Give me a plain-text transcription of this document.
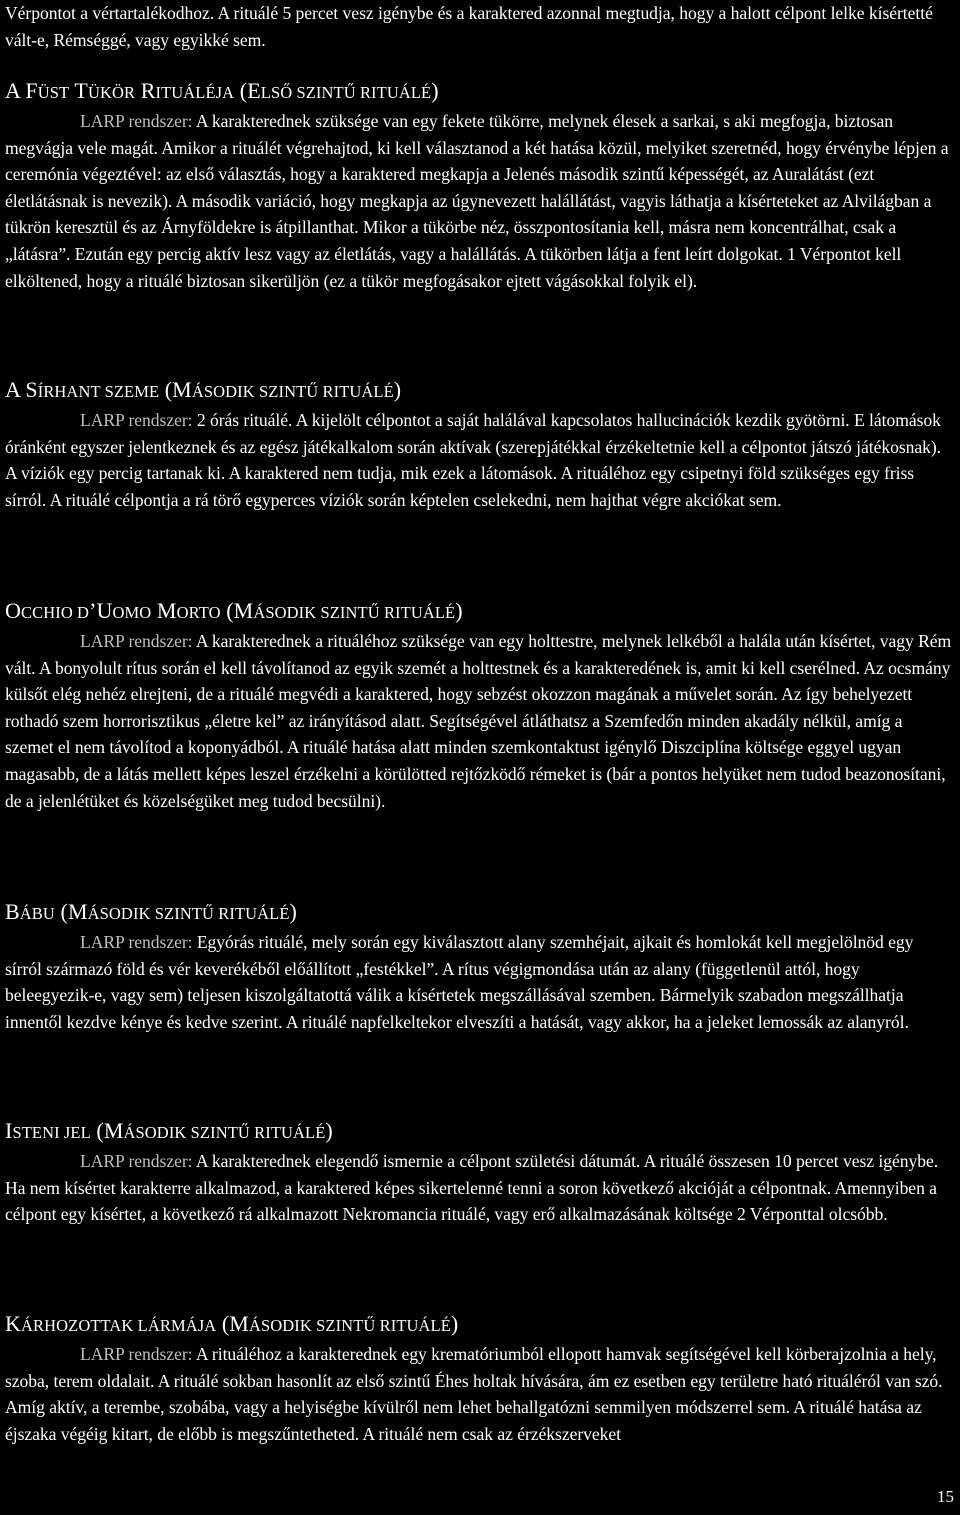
Vérpontot a vértartalékodhoz. A rituálé 5 percet vesz igénybe és a karaktered azonnal megtudja, hogy a halott célpont lelke kísértetté vált-e, Rémséggé, vagy egyikké sem.

A FÜST TÜKÖR RITUÁLÉJA (ELSŐ SZINTŰ RITUÁLÉ)

LARP rendszer: A karakterednek szüksége van egy fekete tükörre, melynek élesek a sarkai, s aki megfogja, biztosan megvágja vele magát. Amikor a rituálét végrehajtod, ki kell választanod a két hatása közül, melyiket szeretnéd, hogy érvénybe lépjen a ceremónia végeztével: az első választás, hogy a karaktered megkapja a Jelenés második szintű képességét, az Auralátást (ezt életlátásnak is nevezik). A második variáció, hogy megkapja az úgynevezett halállátást, vagyis láthatja a kísérteteket az Alvilágban a tükrön keresztül és az Árnyföldekre is átpillanthat. Mikor a tükörbe néz, összpontosítania kell, másra nem koncentrálhat, csak a „látásra”. Ezután egy percig aktív lesz vagy az életlátás, vagy a halállátás. A tükörben látja a fent leírt dolgokat. 1 Vérpontot kell elköltened, hogy a rituálé biztosan sikerüljön (ez a tükör megfogásakor ejtett vágásokkal folyik el).

A SÍRHANT SZEME (MÁSODIK SZINTŰ RITUÁLÉ)

LARP rendszer: 2 órás rituálé. A kijelölt célpontot a saját halálával kapcsolatos hallucinációk kezdik gyötörni. E látomások óránként egyszer jelentkeznek és az egész játékalkalom során aktívak (szerepjátékkal érzékeltetnie kell a célpontot játszó játékosnak). A víziók egy percig tartanak ki. A karaktered nem tudja, mik ezek a látomások. A rituáléhoz egy csipetnyi föld szükséges egy friss sírról. A rituálé célpontja a rá törő egyperces víziók során képtelen cselekedni, nem hajthat végre akciókat sem.

OCCHIO D’UOMO MORTO (MÁSODIK SZINTŰ RITUÁLÉ)

LARP rendszer: A karakterednek a rituáléhoz szüksége van egy holttestre, melynek lelkéből a halála után kísértet, vagy Rém vált. A bonyolult rítus során el kell távolítanod az egyik szemét a holttestnek és a karakteredének is, amit ki kell cserélned. Az ocsmány külsőt elég nehéz elrejteni, de a rituálé megvédi a karaktered, hogy sebzést okozzon magának a művelet során. Az így behelyezett rothadó szem horrorisztikus „életre kel” az irányításod alatt. Segítségével átláthatsz a Szemfedőn minden akadály nélkül, amíg a szemet el nem távolítod a koponyádból. A rituálé hatása alatt minden szemkontaktust igénylő Diszciplína költsége eggyel ugyan magasabb, de a látás mellett képes leszel érzékelni a körülötted rejtőzködő rémeket is (bár a pontos helyüket nem tudod beazonosítani, de a jelenlétüket és közelségüket meg tudod becsülni).

BÁBU (MÁSODIK SZINTŰ RITUÁLÉ)

LARP rendszer: Egyórás rituálé, mely során egy kiválasztott alany szemhéjait, ajkait és homlokát kell megjelölnöd egy sírról származó föld és vér keverékéből előállított „festékkel”. A rítus végigmondása után az alany (függetlenül attól, hogy beleegyezik-e, vagy sem) teljesen kiszolgáltatottá válik a kísértetek megszállásával szemben. Bármelyik szabadon megszállhatja innentől kezdve kénye és kedve szerint. A rituálé napfelkeltekor elveszíti a hatását, vagy akkor, ha a jeleket lemossák az alanyról.

ISTENI JEL (MÁSODIK SZINTŰ RITUÁLÉ)

LARP rendszer: A karakterednek elegendő ismernie a célpont születési dátumát. A rituálé összesen 10 percet vesz igénybe. Ha nem kísértet karakterre alkalmazod, a karaktered képes sikertelenné tenni a soron következő akcióját a célpontnak. Amennyiben a célpont egy kísértet, a következő rá alkalmazott Nekromancia rituálé, vagy erő alkalmazásának költsége 2 Vérponttal olcsóbb.

KÁRHOZOTTAK LÁRMÁJA (MÁSODIK SZINTŰ RITUÁLÉ)

LARP rendszer: A rituáléhoz a karakterednek egy krematóriumból ellopott hamvak segítségével kell körberajzolnia a hely, szoba, terem oldalait. A rituálé sokban hasonlít az első szintű Éhes holtak hívására, ám ez esetben egy területre ható rituáléról van szó. Amíg aktív, a terembe, szobába, vagy a helyiségbe kívülről nem lehet behallgatózni semmilyen módszerrel sem. A rituálé hatása az éjszaka végéig kitart, de előbb is megszűntetheted. A rituálé nem csak az érzékszerveket

15
